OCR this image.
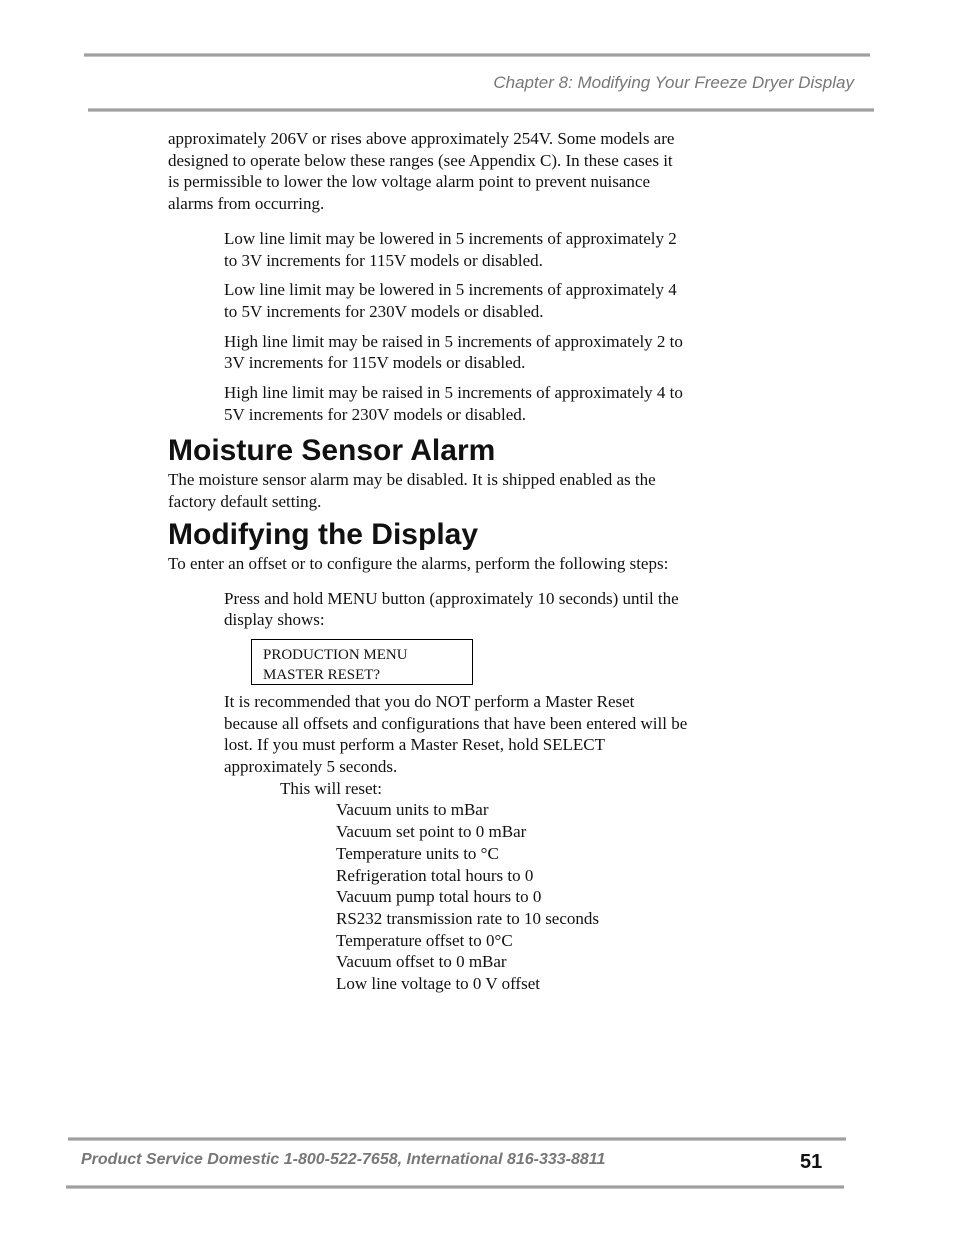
Chapter 8: Modifying Your Freeze Dryer Display

approximately 206V or rises above approximately 254V. Some models are designed to operate below these ranges (see Appendix C). In these cases it is permissible to lower the low voltage alarm point to prevent nuisance alarms from occurring.

Low line limit may be lowered in 5 increments of approximately 2 to 3V increments for 115V models or disabled.

Low line limit may be lowered in 5 increments of approximately 4 to 5V increments for 230V models or disabled.

High line limit may be raised in 5 increments of approximately 2 to 3V increments for 115V models or disabled.

High line limit may be raised in 5 increments of approximately 4 to 5V increments for 230V models or disabled.

Moisture Sensor Alarm

The moisture sensor alarm may be disabled. It is shipped enabled as the factory default setting.

Modifying the Display

To enter an offset or to configure the alarms, perform the following steps:

Press and hold MENU button (approximately 10 seconds) until the display shows:

PRODUCTION MENU
MASTER RESET?

It is recommended that you do NOT perform a Master Reset because all offsets and configurations that have been entered will be lost. If you must perform a Master Reset, hold SELECT approximately 5 seconds.

This will reset:
Vacuum units to mBar
Vacuum set point to 0 mBar
Temperature units to °C
Refrigeration total hours to 0
Vacuum pump total hours to 0
RS232 transmission rate to 10 seconds
Temperature offset to 0°C
Vacuum offset to 0 mBar
Low line voltage to 0 V offset
Product Service Domestic 1-800-522-7658, International 816-333-8811	51
